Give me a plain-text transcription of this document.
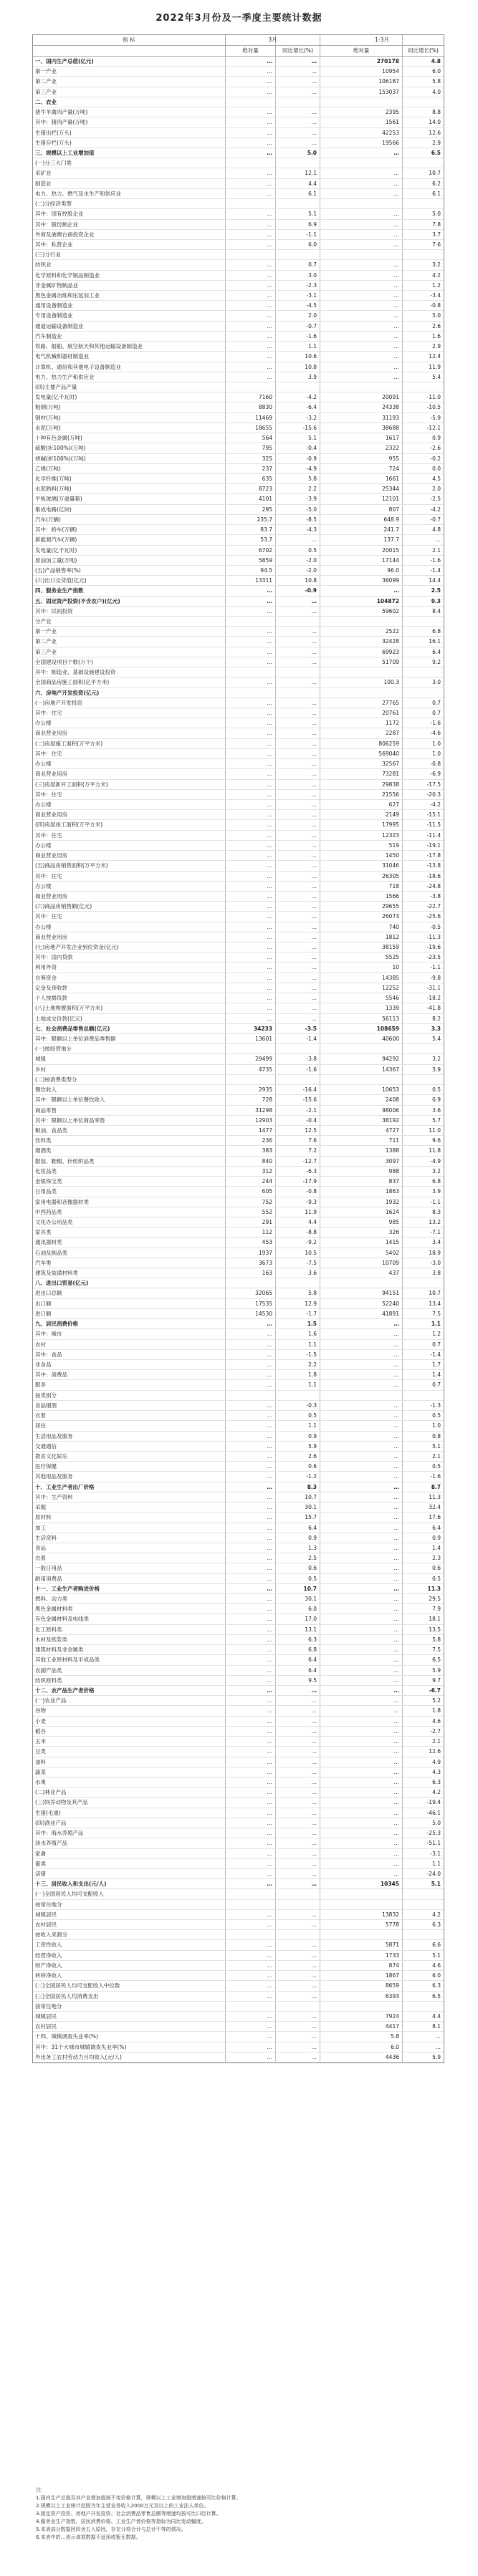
2022年3月份及一季度主要统计数据
指 标	3月	1-3月
绝对量	同比增长(%)	绝对量	同比增长(%)
一、国内生产总值(亿元)	…	…	270178	4.8
第一产业	…	…	10954	6.0
第二产业	…	…	106187	5.8
第三产业	…	…	153037	4.0
二、农业
猪牛羊禽肉产量(万吨)	…	…	2395	8.8
其中：猪肉产量(万吨)	…	…	1561	14.0
生猪出栏(万头)	…	…	42253	12.6
生猪存栏(万头)	…	…	19566	2.9
三、规模以上工业增加值	…	5.0	…	6.5
(一)分三大门类
采矿业	…	12.1	…	10.7
制造业	…	4.4	…	6.2
电力、热力、燃气及水生产和供应业	…	6.1	…	6.1
(二)分经济类型
其中：国有控股企业	…	5.1	…	5.0
其中：股份制企业	…	6.9	…	7.8
外商及港澳台商投资企业	…	-1.1	…	3.7
其中：私营企业	…	6.0	…	7.6
(三)分行业
纺织业	…	0.7	…	3.2
化学原料和化学制品制造业	…	3.0	…	4.2
非金属矿物制品业	…	-2.3	…	1.2
黑色金属冶炼和压延加工业	…	-3.1	…	-3.4
通用设备制造业	…	-4.5	…	-0.8
专用设备制造业	…	2.0	…	5.0
通道运输设备制造业	…	-0.7	…	2.6
汽车制造业	…	-1.6	…	1.6
铁路、船舶、航空航天和其他运输设备制造业	…	1.1	…	2.9
电气机械和器材制造业	…	10.6	…	12.4
计算机、通信和其他电子设备制造业	…	10.8	…	11.9
电力、热力生产和供应业	…	3.9	…	5.4
(四)主要产品产量
发电量(亿千瓦时)	7160	-4.2	20091	-11.0
粗钢(万吨)	8830	-6.4	24338	-10.5
钢材(万吨)	11469	-3.2	31193	-5.9
水泥(万吨)	18655	-15.6	38688	-12.1
十种有色金属(万吨)	564	5.1	1617	0.9
硫酸(折100%)(万吨)	795	-0.4	2322	-2.6
烧碱(折100%)(万吨)	325	-0.9	955	-0.2
乙烯(万吨)	237	-4.9	724	0.0
化学纤维(万吨)	635	5.8	1661	4.5
水泥熟料(万吨)	8723	2.2	25344	2.0
平板玻璃(万重量箱)	4101	-3.9	12101	-2.5
集成电路(亿块)	295	-5.0	807	-4.2
汽车(万辆)	235.7	-8.5	648.9	-0.7
其中：轿车(万辆)	83.7	-4.3	241.7	4.8
新能源汽车(万辆)	53.7	…	137.7	…
发电量(亿千瓦时)	6702	0.5	20015	2.1
原油加工量(万吨)	5859	-2.0	17144	-1.6
(五)产品销售率(%)	94.5	-2.0	96.0	-1.4
(六)出口交货值(亿元)	13311	10.8	36099	14.4
四、服务业生产指数	…	-0.9	…	2.5
五、固定资产投资(不含农户)(亿元)	…	…	104872	9.3
其中：民间投资	…	…	59602	8.4
分产业
第一产业	…	…	2522	6.8
第二产业	…	…	32428	16.1
第三产业	…	…	69923	6.4
全国建设项目个数(万个)	…	…	51709	9.2
其中：制造业、基础设施建设投资
全国商品房施工面积(亿平方米)	…	…	100.3	3.0
六、房地产开发投资(亿元)
(一)房地产开发投资	…	…	27765	0.7
其中：住宅	…	…	20761	0.7
办公楼	…	…	1172	-1.6
商业营业用房	…	…	2287	-4.6
(二)房屋施工面积(万平方米)	…	…	806259	1.0
其中：住宅	…	…	569040	1.0
办公楼	…	…	32567	-0.8
商业营业用房	…	…	73281	-6.9
(三)房屋新开工面积(万平方米)	…	…	29838	-17.5
其中：住宅	…	…	21556	-20.3
办公楼	…	…	627	-4.2
商业营业用房	…	…	2149	-15.1
(四)房屋竣工面积(万平方米)	…	…	17995	-11.5
其中：住宅	…	…	12323	-11.4
办公楼	…	…	519	-19.1
商业营业用房	…	…	1450	-17.8
(五)商品房销售面积(万平方米)	…	…	31046	-13.8
其中：住宅	…	…	26305	-18.6
办公楼	…	…	718	-24.8
商业营业用房	…	…	1566	-3.8
(六)商品房销售额(亿元)	…	…	29655	-22.7
其中：住宅	…	…	26073	-25.6
办公楼	…	…	740	-0.5
商业营业用房	…	…	1812	-11.3
(七)房地产开发企业到位资金(亿元)	…	…	38159	-19.6
其中：国内贷款	…	…	5525	-23.5
利用外资	…	…	10	-1.1
自筹资金	…	…	14385	-9.8
定金及预收款	…	…	12252	-31.1
个人按揭贷款	…	…	5546	-18.2
(八)土地购置面积(万平方米)	…	…	1339	-41.8
土地成交价款(亿元)	…	…	56113	8.2
七、社会消费品零售总额(亿元)	34233	-3.5	108659	3.3
其中：限额以上单位消费品零售额	13601	-1.4	40600	5.4
(一)按经营地分
城镇	29499	-3.8	94292	3.2
乡村	4735	-1.6	14367	3.9
(二)按消费类型分
餐饮收入	2935	-16.4	10653	0.5
其中：限额以上单位餐饮收入	728	-15.6	2408	0.9
商品零售	31298	-2.1	98006	3.6
其中：限额以上单位商品零售	12903	-0.4	38192	5.7
粮油、食品类	1477	12.5	4727	11.0
饮料类	236	7.6	711	9.6
烟酒类	383	7.2	1388	11.8
服装、鞋帽、针纺织品类	840	-12.7	3097	-4.9
化妆品类	312	-6.3	988	3.2
金银珠宝类	244	-17.9	837	6.8
日用品类	605	-0.8	1863	3.9
家用电器和音像器材类	752	-9.3	1932	-1.1
中西药品类	552	11.9	1624	8.3
文化办公用品类	291	4.4	985	13.2
家具类	112	-8.8	326	-7.1
通讯器材类	453	-9.2	1415	3.4
石油及制品类	1937	10.5	5402	18.9
汽车类	3673	-7.5	10709	-3.0
建筑及装潢材料类	163	3.6	437	3.8
八、进出口贸易(亿元)
进出口总额	32065	5.8	94151	10.7
出口额	17535	12.9	52240	13.4
进口额	14530	-1.7	41891	7.5
九、居民消费价格	…	1.5	…	1.1
其中：城市	…	1.6	…	1.2
农村	…	1.1	…	0.7
其中：食品	…	-1.5	…	-1.4
非食品	…	2.2	…	1.7
其中：消费品	…	1.8	…	1.4
服务	…	1.1	…	0.7
按类别分
食品烟酒	…	-0.3	…	-1.3
衣着	…	0.5	…	0.5
居住	…	1.1	…	1.0
生活用品及服务	…	0.9	…	0.8
交通通信	…	5.9	…	5.1
教育文化娱乐	…	2.6	…	2.1
医疗保健	…	0.6	…	0.5
其他用品及服务	…	-1.2	…	-1.6
十、工业生产者出厂价格	…	8.3	…	8.7
其中：生产资料	…	10.7	…	11.3
采掘	…	30.1	…	32.4
原材料	…	15.7	…	17.6
加工	…	6.4	…	6.4
生活资料	…	0.9	…	0.9
食品	…	1.3	…	1.4
衣着	…	2.5	…	2.3
一般日用品	…	0.6	…	0.6
耐用消费品	…	0.5	…	0.5
十一、工业生产者购进价格	…	10.7	…	11.3
燃料、动力类	…	30.1	…	29.5
黑色金属材料类	…	6.0	…	7.9
有色金属材料及电线类	…	17.0	…	18.1
化工原料类	…	13.1	…	13.5
木材及纸浆类	…	6.3	…	5.8
建筑材料及非金属类	…	6.8	…	7.5
其他工业原材料及半成品类	…	6.4	…	6.5
农副产品类	…	6.4	…	5.9
纺织原料类	…	9.5	…	9.7
十二、农产品生产者价格	…	…	…	-6.7
(一)农业产品	…	…	…	5.2
谷物	…	…	…	1.8
小麦	…	…	…	4.6
稻谷	…	…	…	-2.7
玉米	…	…	…	2.1
豆类	…	…	…	12.6
油料	…	…	…	4.9
蔬菜	…	…	…	4.3
水果	…	…	…	6.3
(二)林业产品	…	…	…	4.2
(三)饲养动物及其产品	…	…	…	-19.4
生猪(毛重)	…	…	…	-46.1
(四)渔业产品	…	…	…	5.0
其中：海水养殖产品	…	…	…	-25.3
淡水养殖产品	…	…	…	-51.1
家禽	…	…	…	-3.1
蛋类	…	…	…	1.1
活猪	…	…	…	-24.0
十三、居民收入和支出(元/人)	…	…	10345	5.1
(一)全国居民人均可支配收入
按常住地分
城镇居民	…	…	13832	4.2
农村居民	…	…	5778	6.3
按收入来源分
工资性收入	…	…	5871	6.6
经营净收入	…	…	1733	5.1
财产净收入	…	…	874	4.6
转移净收入	…	…	1867	6.0
(二)全国居民人均可支配收入中位数	…	…	8659	6.3
(三)全国居民人均消费支出	…	…	6393	6.5
按常住地分
城镇居民	…	…	7924	4.4
农村居民	…	…	4417	8.1
十四、城镇调查失业率(%)	…	…	5.8	…
其中：31个大城市城镇调查失业率(%)	…	…	6.0	…
外出务工农村劳动力月均收入(元/人)	…	…	4436	5.9
注：
1.国内生产总值及其产业增加值按不变价格计算，规模以上工业增加值增速按可比价格计算。
2.规模以上工业统计范围为年主营业务收入2000万元及以上的工业法人单位。
3.固定资产投资、房地产开发投资、社会消费品零售总额等增速均按可比口径计算。
4.服务业生产指数、居民消费价格、工业生产者价格等指标为同比变动幅度。
5.本表部分数据因四舍五入原因，存在分项合计与总计不等的情况。
6.本表中的…表示该项数据不适用或暂无数据。
